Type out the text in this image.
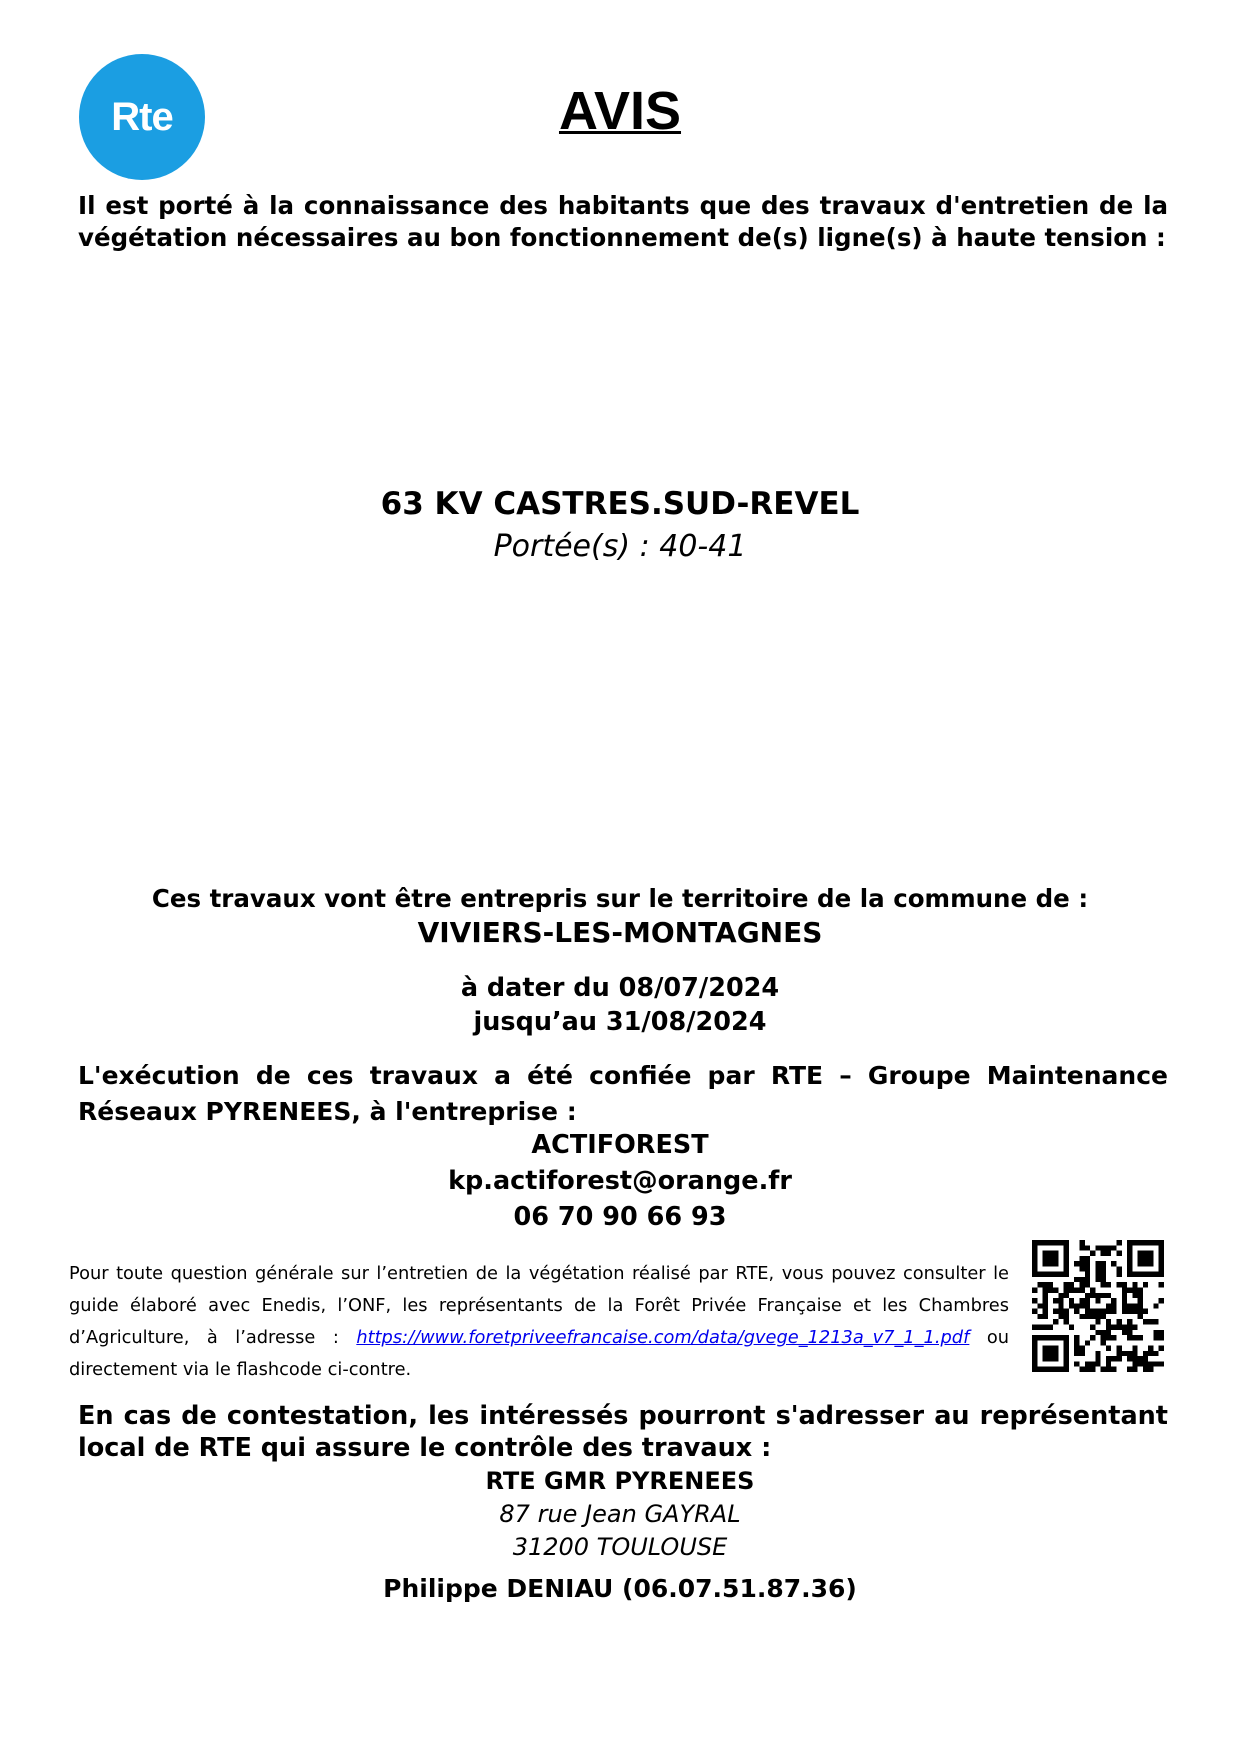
Rte	AVIS
Il est porté à la connaissance des habitants que des travaux d'entretien de la végétation nécessaires au bon fonctionnement de(s) ligne(s) à haute tension :
63 KV CASTRES.SUD-REVEL
Portée(s) : 40-41
Ces travaux vont être entrepris sur le territoire de la commune de :
VIVIERS-LES-MONTAGNES
à dater du 08/07/2024
jusqu’au 31/08/2024
L'exécution de ces travaux a été confiée par RTE – Groupe Maintenance Réseaux PYRENEES, à l'entreprise :
ACTIFOREST
kp.actiforest@orange.fr
06 70 90 66 93
Pour toute question générale sur l’entretien de la végétation réalisé par RTE, vous pouvez consulter le guide élaboré avec Enedis, l’ONF, les représentants de la Forêt Privée Française et les Chambres d’Agriculture, à l’adresse : https://www.foretpriveefrancaise.com/data/gvege_1213a_v7_1_1.pdf ou directement via le flashcode ci-contre.
En cas de contestation, les intéressés pourront s'adresser au représentant local de RTE qui assure le contrôle des travaux :
RTE GMR PYRENEES
87 rue Jean GAYRAL
31200 TOULOUSE
Philippe DENIAU (06.07.51.87.36)
